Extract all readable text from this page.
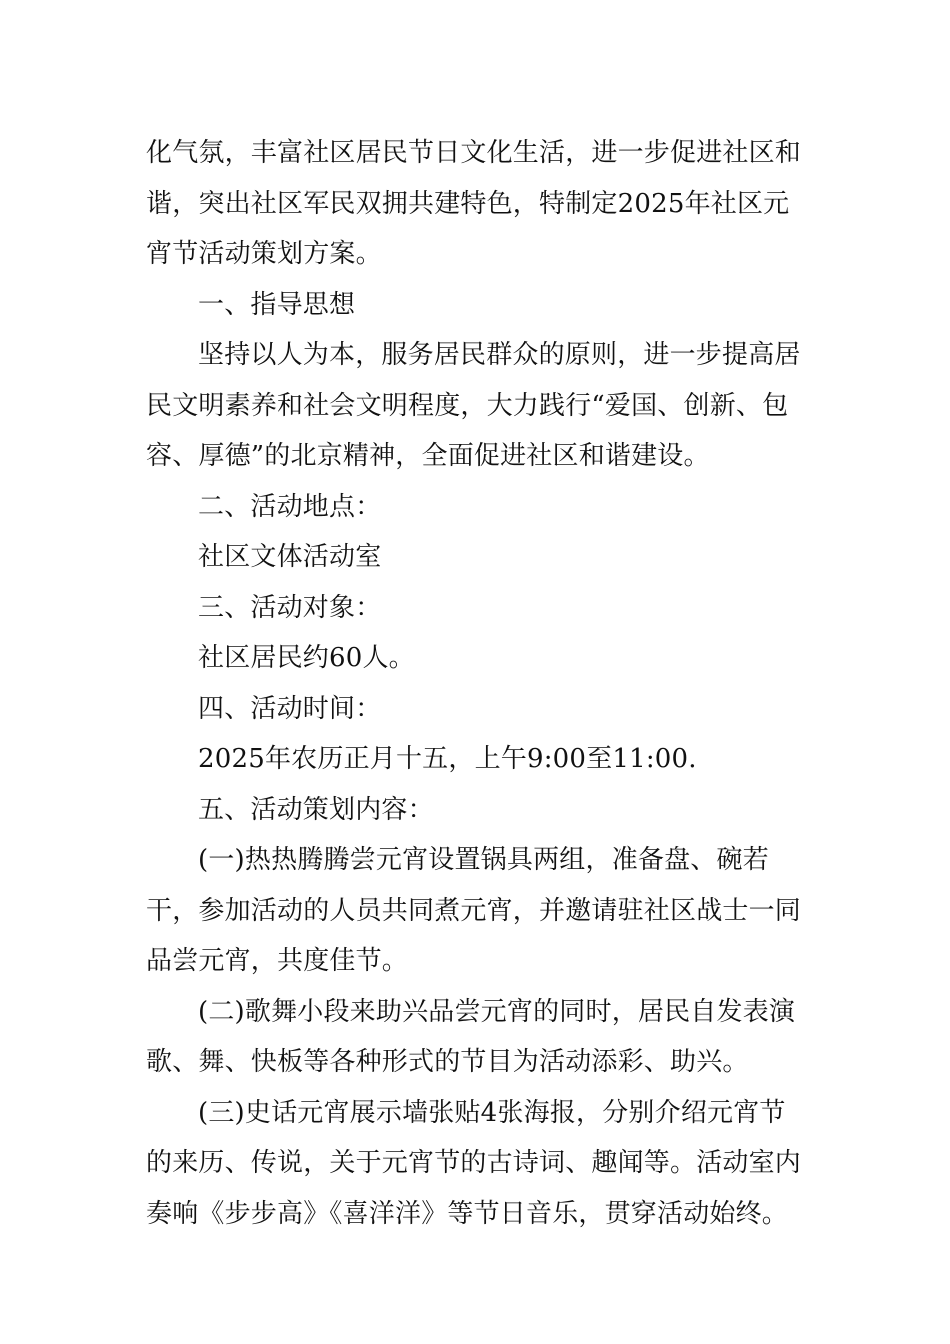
化气氛，丰富社区居民节日文化生活，进一步促进社区和谐，突出社区军民双拥共建特色，特制定2025年社区元宵节活动策划方案。

一、指导思想

坚持以人为本，服务居民群众的原则，进一步提高居民文明素养和社会文明程度，大力践行“爱国、创新、包容、厚德”的北京精神，全面促进社区和谐建设。

二、活动地点：

社区文体活动室

三、活动对象：

社区居民约60人。

四、活动时间：

2025年农历正月十五，上午9:00至11:00.

五、活动策划内容：

(一)热热腾腾尝元宵设置锅具两组，准备盘、碗若干，参加活动的人员共同煮元宵，并邀请驻社区战士一同品尝元宵，共度佳节。

(二)歌舞小段来助兴品尝元宵的同时，居民自发表演歌、舞、快板等各种形式的节目为活动添彩、助兴。

(三)史话元宵展示墙张贴4张海报，分别介绍元宵节的来历、传说，关于元宵节的古诗词、趣闻等。活动室内奏响《步步高》《喜洋洋》等节日音乐，贯穿活动始终。
